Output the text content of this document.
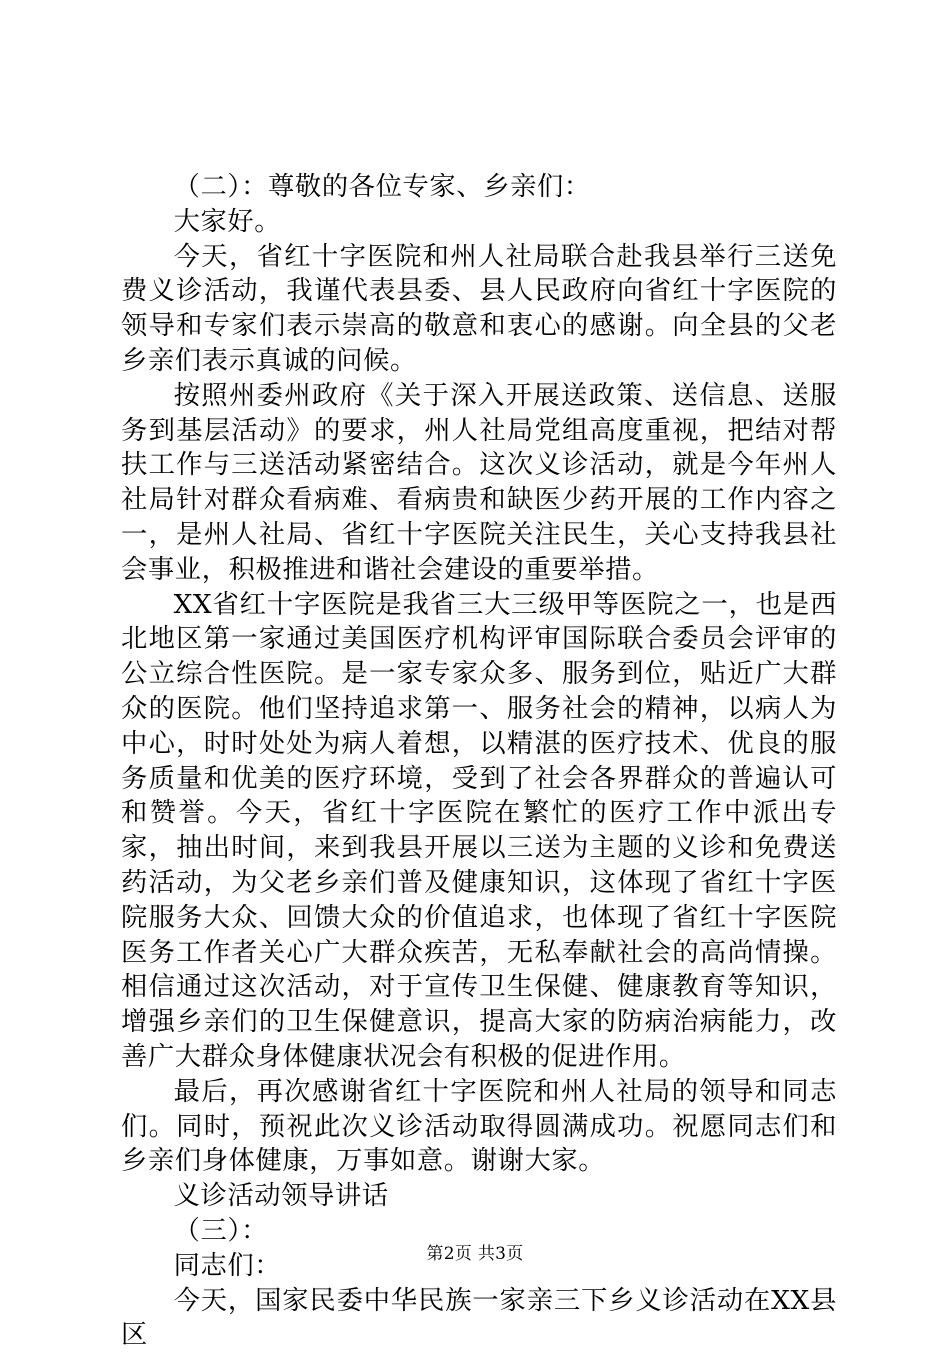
（二）：尊敬的各位专家、乡亲们：

大家好。

今天，省红十字医院和州人社局联合赴我县举行三送免费义诊活动，我谨代表县委、县人民政府向省红十字医院的领导和专家们表示崇高的敬意和衷心的感谢。向全县的父老乡亲们表示真诚的问候。

按照州委州政府《关于深入开展送政策、送信息、送服务到基层活动》的要求，州人社局党组高度重视，把结对帮扶工作与三送活动紧密结合。这次义诊活动，就是今年州人社局针对群众看病难、看病贵和缺医少药开展的工作内容之一，是州人社局、省红十字医院关注民生，关心支持我县社会事业，积极推进和谐社会建设的重要举措。

XX省红十字医院是我省三大三级甲等医院之一，也是西北地区第一家通过美国医疗机构评审国际联合委员会评审的公立综合性医院。是一家专家众多、服务到位，贴近广大群众的医院。他们坚持追求第一、服务社会的精神，以病人为中心，时时处处为病人着想，以精湛的医疗技术、优良的服务质量和优美的医疗环境，受到了社会各界群众的普遍认可和赞誉。今天，省红十字医院在繁忙的医疗工作中派出专家，抽出时间，来到我县开展以三送为主题的义诊和免费送药活动，为父老乡亲们普及健康知识，这体现了省红十字医院服务大众、回馈大众的价值追求，也体现了省红十字医院医务工作者关心广大群众疾苦，无私奉献社会的高尚情操。相信通过这次活动，对于宣传卫生保健、健康教育等知识，增强乡亲们的卫生保健意识，提高大家的防病治病能力，改善广大群众身体健康状况会有积极的促进作用。

最后，再次感谢省红十字医院和州人社局的领导和同志们。同时，预祝此次义诊活动取得圆满成功。祝愿同志们和乡亲们身体健康，万事如意。谢谢大家。

义诊活动领导讲话

（三）：

同志们：

今天，国家民委中华民族一家亲三下乡义诊活动在XX县区

第2页 共3页
